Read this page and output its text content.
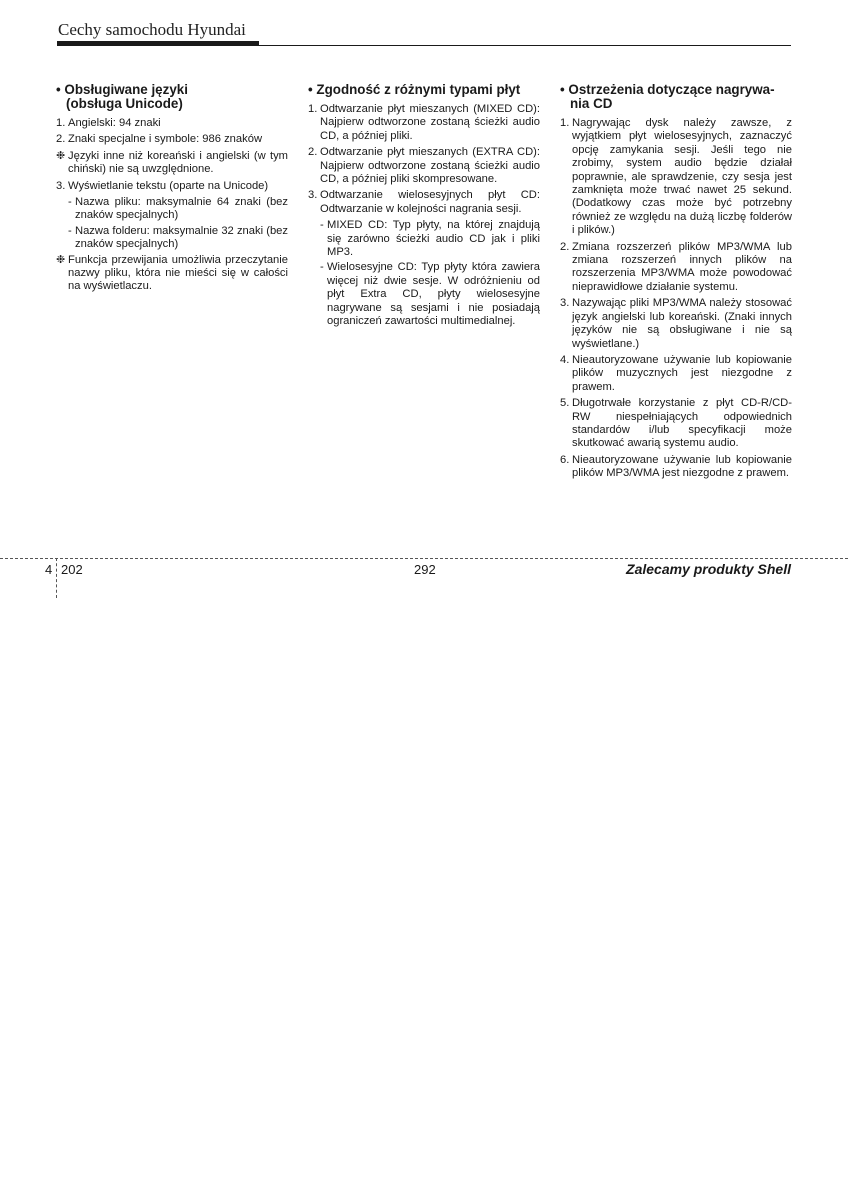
Cechy samochodu Hyundai
• Obsługiwane języki
(obsługa Unicode)
1. Angielski: 94 znaki
2. Znaki specjalne i symbole: 986 znaków
❉ Języki inne niż koreański i angielski (w tym chiński) nie są uwzględnione.
3. Wyświetlanie tekstu (oparte na Unicode)
- Nazwa pliku: maksymalnie 64 znaki (bez znaków specjalnych)
- Nazwa folderu: maksymalnie 32 znaki (bez znaków specjalnych)
❉ Funkcja przewijania umożliwia przeczytanie nazwy pliku, która nie mieści się w całości na wyświetlaczu.
• Zgodność z różnymi typami płyt
1. Odtwarzanie płyt mieszanych (MIXED CD): Najpierw odtworzone zostaną ścieżki audio CD, a później pliki.
2. Odtwarzanie płyt mieszanych (EXTRA CD): Najpierw odtworzone zostaną ścieżki audio CD, a później pliki skompresowane.
3. Odtwarzanie wielosesyjnych płyt CD: Odtwarzanie w kolejności nagrania sesji.
- MIXED CD: Typ płyty, na której znajdują się zarówno ścieżki audio CD jak i pliki MP3.
- Wielosesyjne CD: Typ płyty która zawiera więcej niż dwie sesje. W odróżnieniu od płyt Extra CD, płyty wielosesyjne nagrywane są sesjami i nie posiadają ograniczeń zawartości multimedialnej.
• Ostrzeżenia dotyczące nagrywa-
nia CD
1. Nagrywając dysk należy zawsze, z wyjątkiem płyt wielosesyjnych, zaznaczyć opcję zamykania sesji. Jeśli tego nie zrobimy, system audio będzie działał poprawnie, ale sprawdzenie, czy sesja jest zamknięta może trwać nawet 25 sekund. (Dodatkowy czas może być potrzebny również ze względu na dużą liczbę folderów i plików.)
2. Zmiana rozszerzeń plików MP3/WMA lub zmiana rozszerzeń innych plików na rozszerzenia MP3/WMA może powodować nieprawidłowe działanie systemu.
3. Nazywając pliki MP3/WMA należy stosować język angielski lub koreański. (Znaki innych języków nie są obsługiwane i nie są wyświetlane.)
4. Nieautoryzowane używanie lub kopiowanie plików muzycznych jest niezgodne z prawem.
5. Długotrwałe korzystanie z płyt CD-R/CD-RW niespełniających odpowiednich standardów i/lub specyfikacji może skutkować awarią systemu audio.
6. Nieautoryzowane używanie lub kopiowanie plików MP3/WMA jest niezgodne z prawem.
4 202	292	Zalecamy produkty Shell
